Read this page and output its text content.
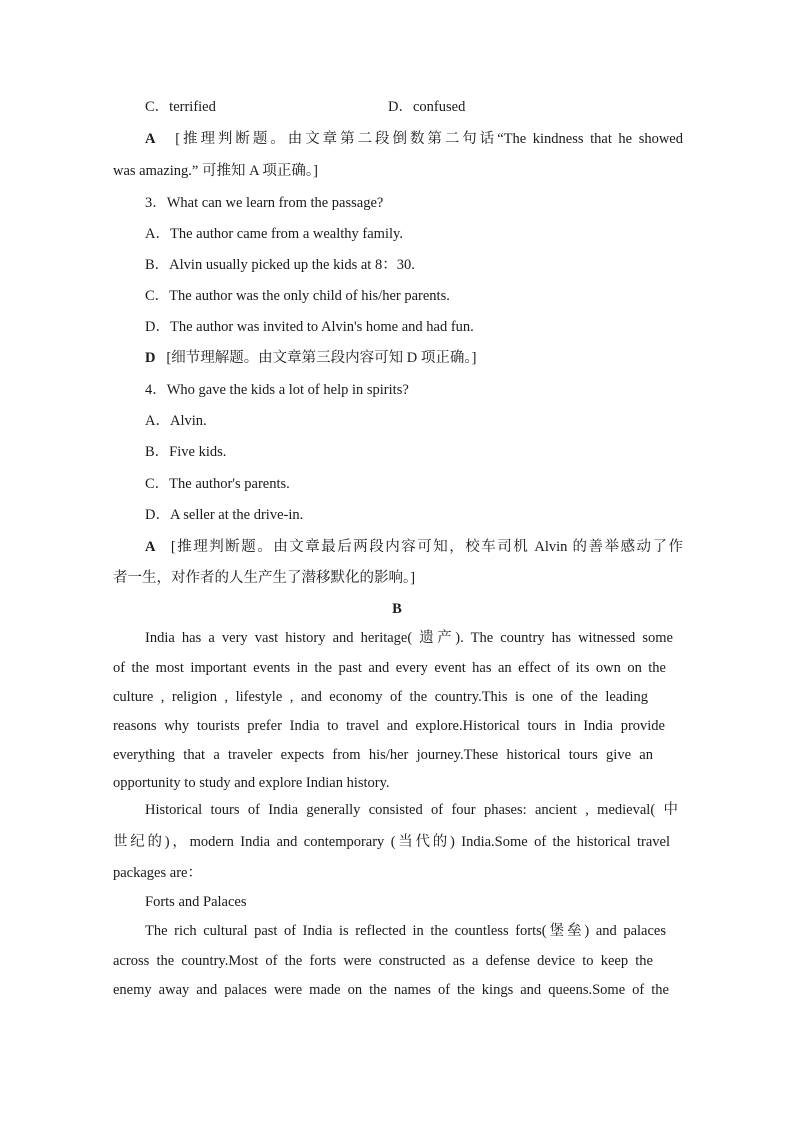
C．terrified	D．confused
A [推理判断题。由文章第二段倒数第二句话“The kindness that he showed
was amazing.” 可推知 A 项正确。]
3．What can we learn from the passage?
A．The author came from a wealthy family.
B．Alvin usually picked up the kids at 8：30.
C．The author was the only child of his/her parents.
D．The author was invited to Alvin's home and had fun.
D [细节理解题。由文章第三段内容可知 D 项正确。]
4．Who gave the kids a lot of help in spirits?
A．Alvin.
B．Five kids.
C．The author's parents.
D．A seller at the drive-in.
A [推理判断题。由文章最后两段内容可知，校车司机 Alvin 的善举感动了作
者一生，对作者的人生产生了潜移默化的影响。]
B
India has a very vast history and heritage( 遗产). The country has witnessed some
of the most important events in the past and every event has an effect of its own on the
culture , religion , lifestyle , and economy of the country.This is one of the leading
reasons why tourists prefer India to travel and explore.Historical tours in India provide
everything that a traveler expects from his/her journey.These historical tours give an
opportunity to study and explore Indian history.
Historical tours of India generally consisted of four phases: ancient , medieval( 中
世纪的)，modern India and contemporary (当代的) India.Some of the historical travel
packages are：
Forts and Palaces
The rich cultural past of India is reflected in the countless forts(堡垒) and palaces
across the country.Most of the forts were constructed as a defense device to keep the
enemy away and palaces were made on the names of the kings and queens.Some of the
